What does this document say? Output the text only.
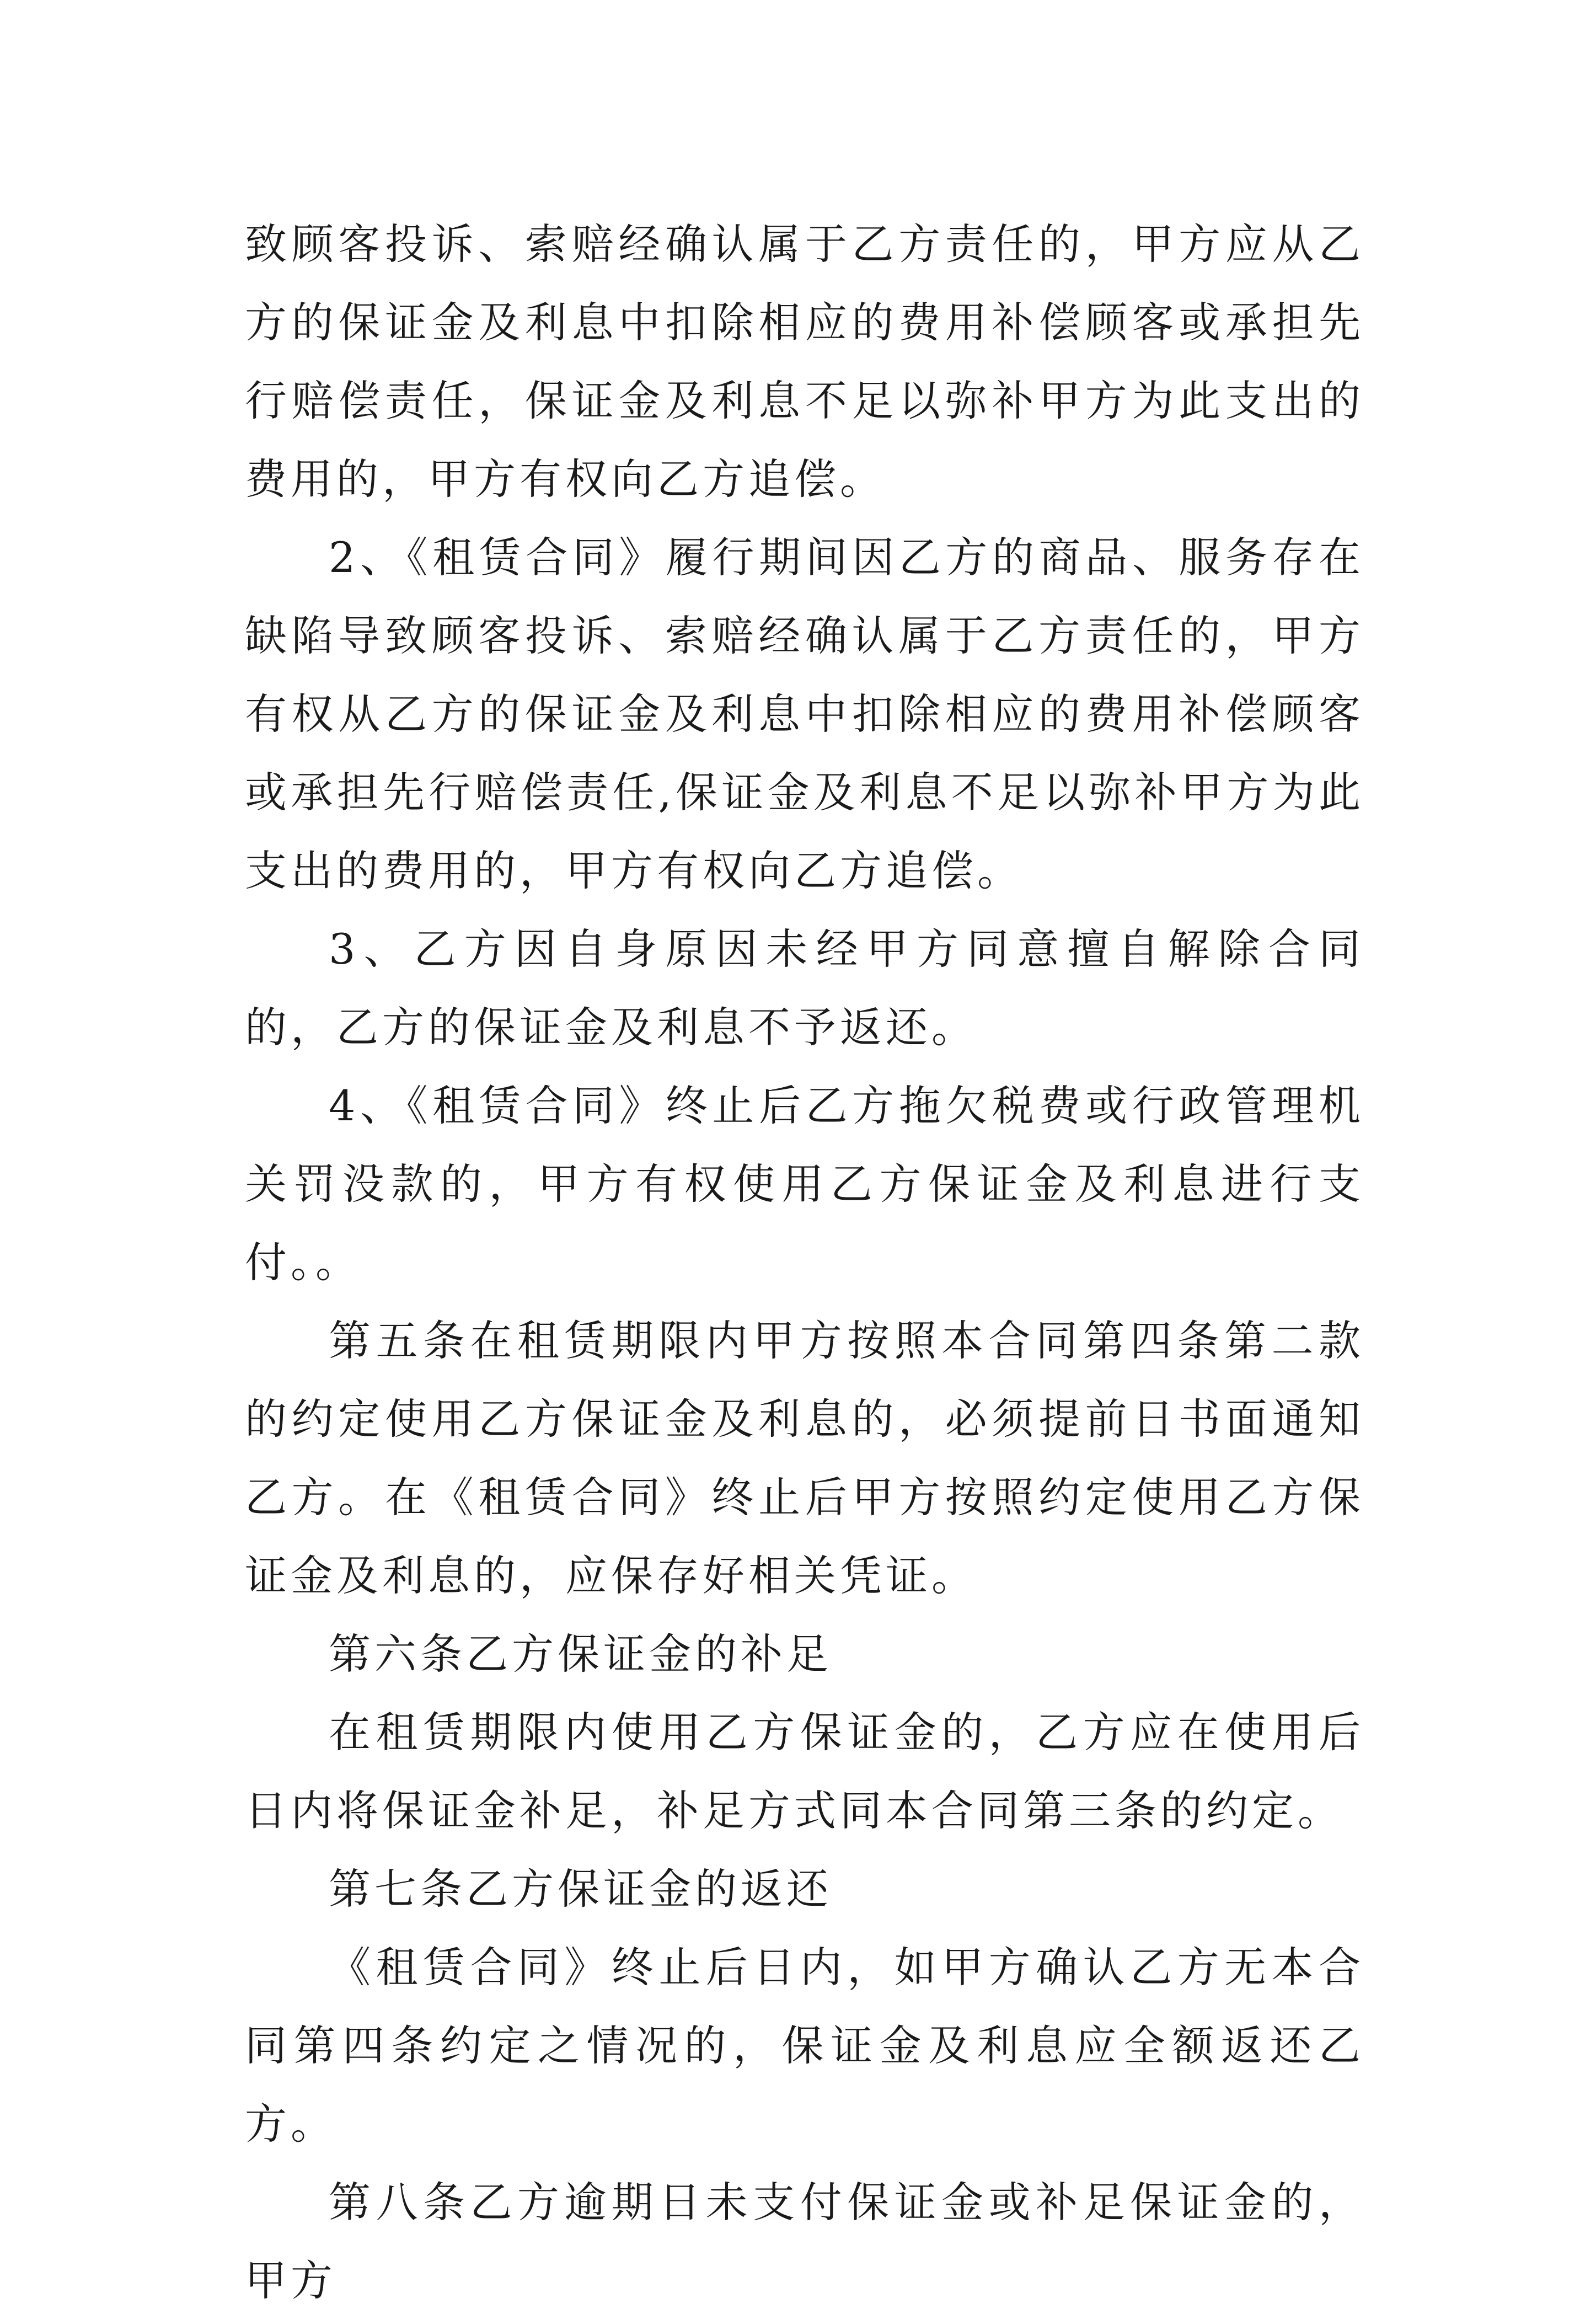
致顾客投诉、索赔经确认属于乙方责任的，甲方应从乙方的保证金及利息中扣除相应的费用补偿顾客或承担先行赔偿责任，保证金及利息不足以弥补甲方为此支出的费用的，甲方有权向乙方追偿。

2、《租赁合同》履行期间因乙方的商品、服务存在缺陷导致顾客投诉、索赔经确认属于乙方责任的，甲方有权从乙方的保证金及利息中扣除相应的费用补偿顾客或承担先行赔偿责任,保证金及利息不足以弥补甲方为此支出的费用的，甲方有权向乙方追偿。

3、乙方因自身原因未经甲方同意擅自解除合同的，乙方的保证金及利息不予返还。

4、《租赁合同》终止后乙方拖欠税费或行政管理机关罚没款的，甲方有权使用乙方保证金及利息进行支付。。

第五条在租赁期限内甲方按照本合同第四条第二款的约定使用乙方保证金及利息的，必须提前日书面通知乙方。在《租赁合同》终止后甲方按照约定使用乙方保证金及利息的，应保存好相关凭证。

第六条乙方保证金的补足

在租赁期限内使用乙方保证金的，乙方应在使用后日内将保证金补足，补足方式同本合同第三条的约定。

第七条乙方保证金的返还

《租赁合同》终止后日内，如甲方确认乙方无本合同第四条约定之情况的，保证金及利息应全额返还乙方。

第八条乙方逾期日未支付保证金或补足保证金的，甲方
